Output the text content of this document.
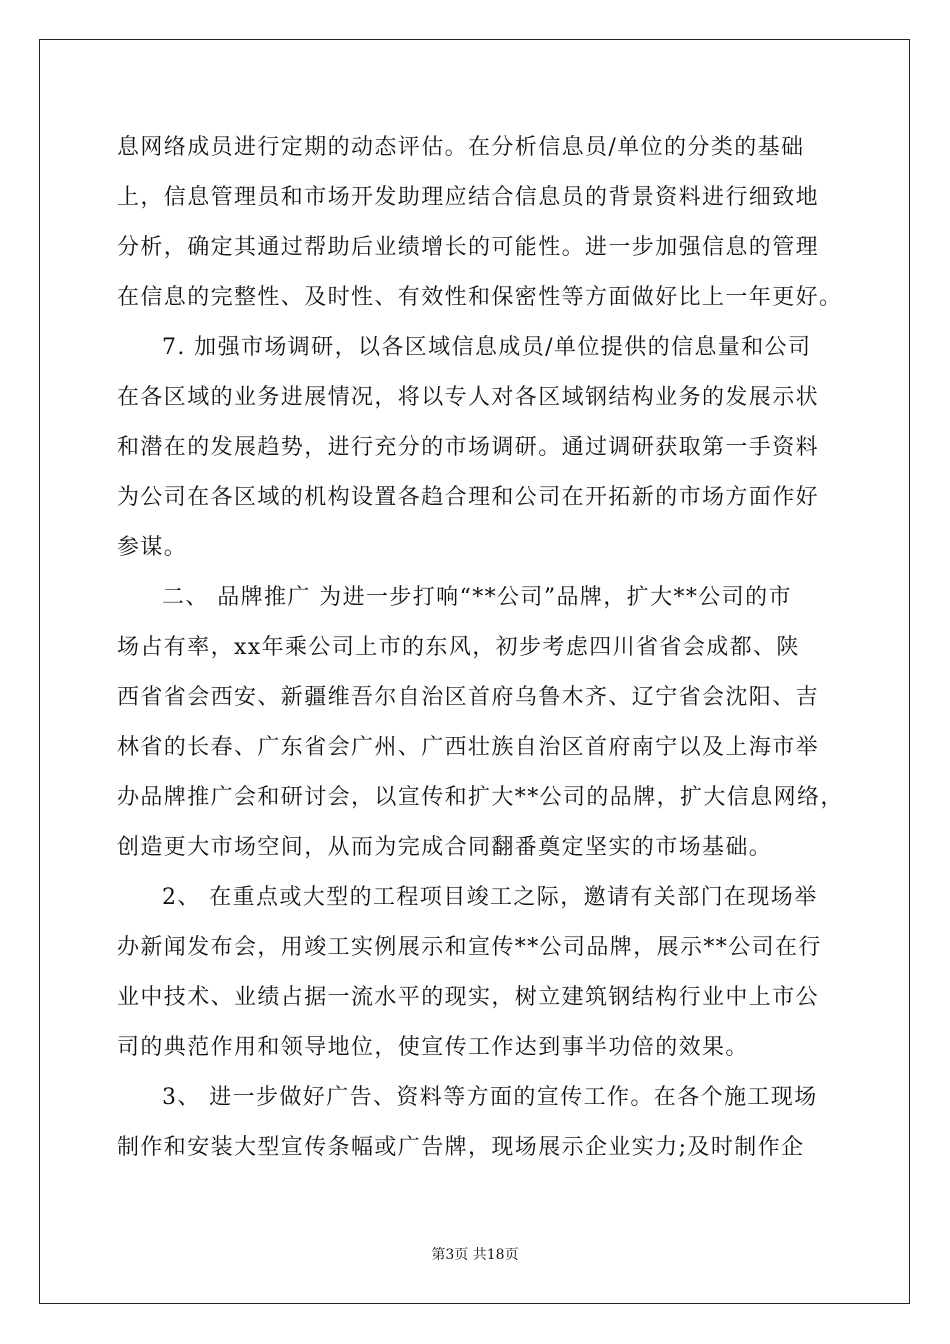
息网络成员进行定期的动态评估。在分析信息员/单位的分类的基础
上，信息管理员和市场开发助理应结合信息员的背景资料进行细致地
分析，确定其通过帮助后业绩增长的可能性。进一步加强信息的管理
在信息的完整性、及时性、有效性和保密性等方面做好比上一年更好。
7. 加强市场调研，以各区域信息成员/单位提供的信息量和公司
在各区域的业务进展情况，将以专人对各区域钢结构业务的发展示状
和潜在的发展趋势，进行充分的市场调研。通过调研获取第一手资料
为公司在各区域的机构设置各趋合理和公司在开拓新的市场方面作好
参谋。
二、 品牌推广 为进一步打响“**公司”品牌，扩大**公司的市
场占有率，xx年乘公司上市的东风，初步考虑四川省省会成都、陕
西省省会西安、新疆维吾尔自治区首府乌鲁木齐、辽宁省会沈阳、吉
林省的长春、广东省会广州、广西壮族自治区首府南宁以及上海市举
办品牌推广会和研讨会，以宣传和扩大**公司的品牌，扩大信息网络，
创造更大市场空间，从而为完成合同翻番奠定坚实的市场基础。
2、 在重点或大型的工程项目竣工之际，邀请有关部门在现场举
办新闻发布会，用竣工实例展示和宣传**公司品牌，展示**公司在行
业中技术、业绩占据一流水平的现实，树立建筑钢结构行业中上市公
司的典范作用和领导地位，使宣传工作达到事半功倍的效果。
3、 进一步做好广告、资料等方面的宣传工作。在各个施工现场
制作和安装大型宣传条幅或广告牌，现场展示企业实力;及时制作企
第3页 共18页
